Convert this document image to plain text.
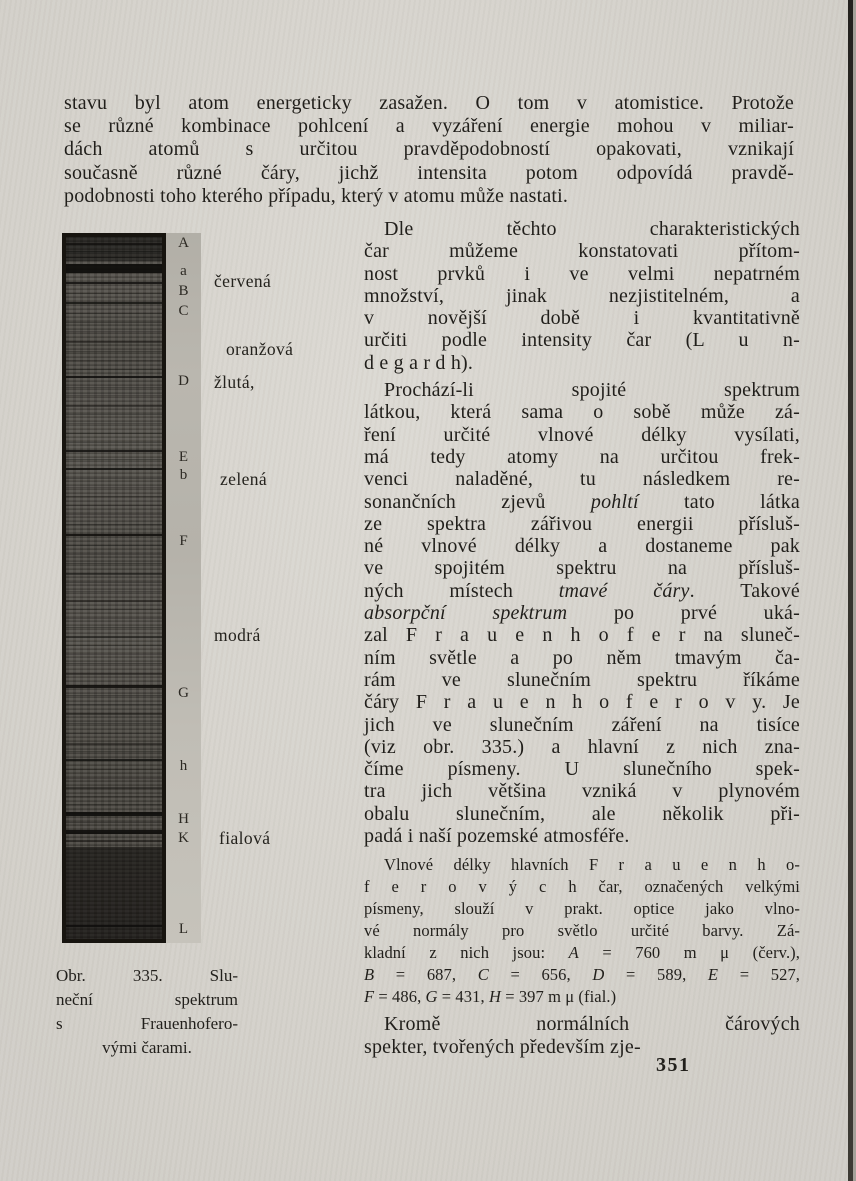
stavu byl atom energeticky zasažen. O tom v atomistice. Protože
se různé kombinace pohlcení a vyzáření energie mohou v miliar-
dách atomů s určitou pravděpodobností opakovati, vznikají
současně různé čáry, jichž intensita potom odpovídá pravdě-
podobnosti toho kterého případu, který v atomu může nastati.
A
a
B
C
D
E
b
F
G
h
H
K
L
červená
oranžová
žlutá,
zelená
modrá
fialová
Obr. 335. Slu-
neční spektrum
s Frauenhofero-
vými čarami.
Dle těchto charakteristických
čar můžeme konstatovati přítom-
nost prvků i ve velmi nepatrném
množství, jinak nezjistitelném, a
v novější době i kvantitativně
určiti podle intensity čar (L u n-
d e g a r d h).
Prochází-li spojité spektrum
látkou, která sama o sobě může zá-
ření určité vlnové délky vysílati,
má tedy atomy na určitou frek-
venci naladěné, tu následkem re-
sonančních zjevů pohltí tato látka
ze spektra zářivou energii přísluš-
né vlnové délky a dostaneme pak
ve spojitém spektru na přísluš-
ných místech tmavé čáry. Takové
absorpční spektrum po prvé uká-
zal F r a u e n h o f e r na sluneč-
ním světle a po něm tmavým ča-
rám ve slunečním spektru říkáme
čáry F r a u e n h o f e r o v y. Je
jich ve slunečním záření na tisíce
(viz obr. 335.) a hlavní z nich zna-
číme písmeny. U slunečního spek-
tra jich většina vzniká v plynovém
obalu slunečním, ale několik při-
padá i naší pozemské atmosféře.
Vlnové délky hlavních F r a u e n h o-
f e r o v ý c h čar, označených velkými
písmeny, slouží v prakt. optice jako vlno-
vé normály pro světlo určité barvy. Zá-
kladní z nich jsou: A = 760 m μ (červ.),
B = 687, C = 656, D = 589, E = 527,
F = 486, G = 431, H = 397 m μ (fial.)
Kromě normálních čárových
spekter, tvořených především zje-
351
